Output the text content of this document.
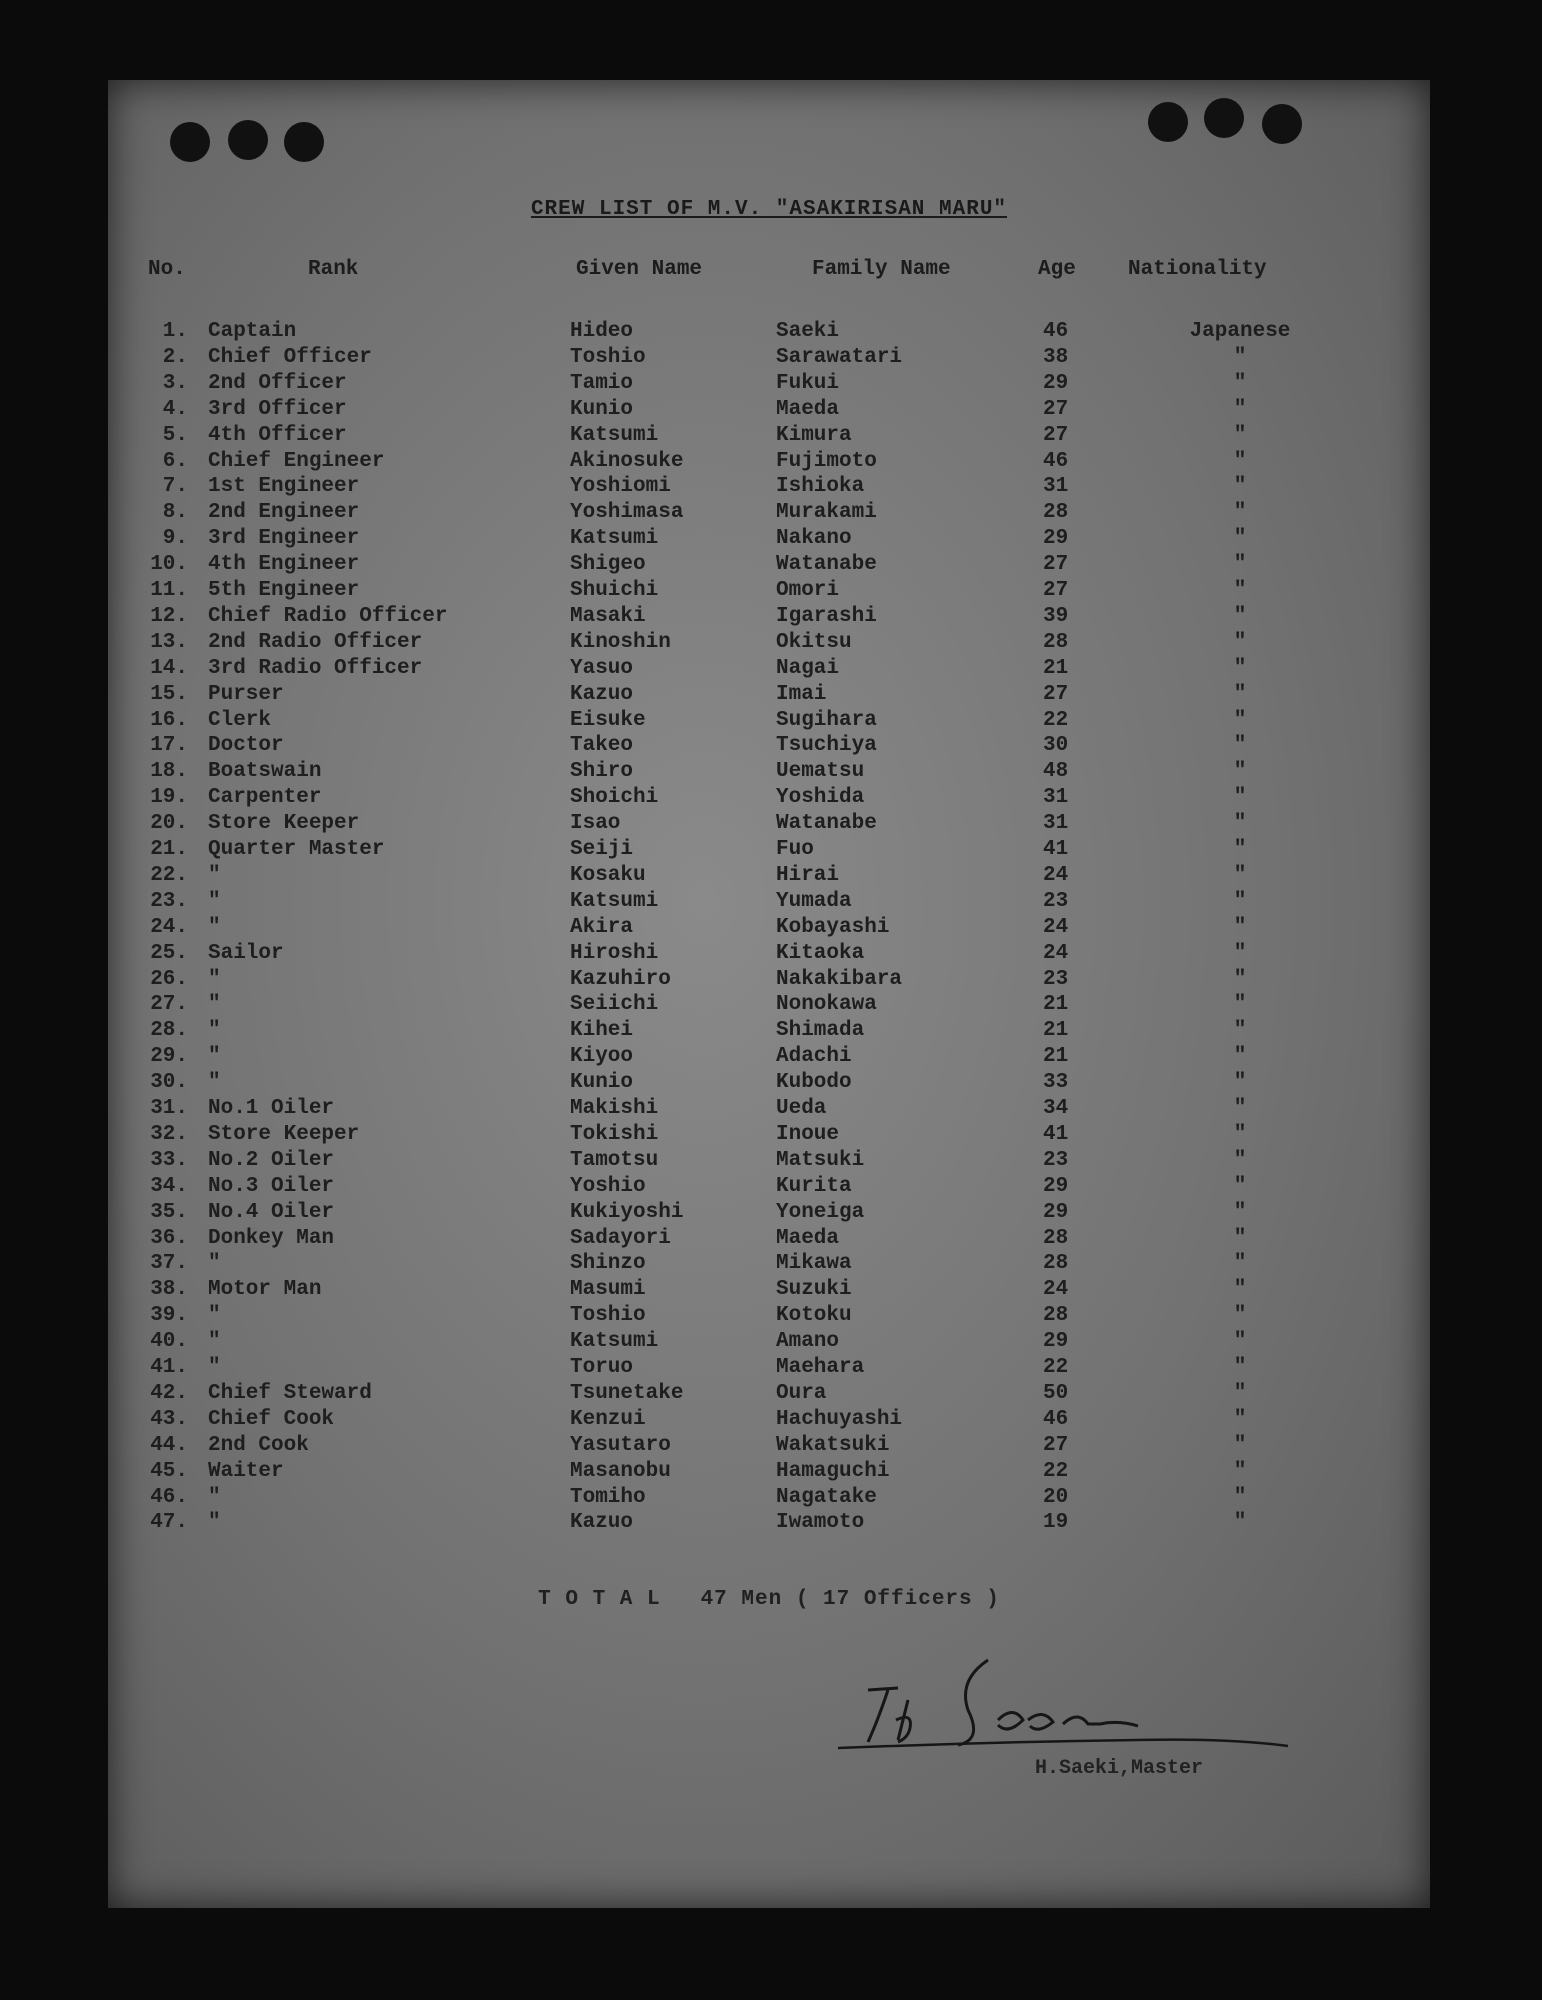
CREW LIST OF M.V. "ASAKIRISAN MARU"
No.	Rank	Given Name	Family Name	Age Nationality
1. Captain	Hideo	Saeki	46	Japanese
2. Chief Officer	Toshio	Sarawatari	38	"
3. 2nd Officer	Tamio	Fukui	29	"
4. 3rd Officer	Kunio	Maeda	27	"
5. 4th Officer	Katsumi	Kimura	27	"
6. Chief Engineer	Akinosuke	Fujimoto	46	"
7. 1st Engineer	Yoshiomi	Ishioka	31	"
8. 2nd Engineer	Yoshimasa	Murakami	28	"
9. 3rd Engineer	Katsumi	Nakano	29	"
10. 4th Engineer	Shigeo	Watanabe	27	"
11. 5th Engineer	Shuichi	Omori	27	"
12. Chief Radio Officer	Masaki	Igarashi	39	"
13. 2nd Radio Officer	Kinoshin	Okitsu	28	"
14. 3rd Radio Officer	Yasuo	Nagai	21	"
15. Purser	Kazuo	Imai	27	"
16. Clerk	Eisuke	Sugihara	22	"
17. Doctor	Takeo	Tsuchiya	30	"
18. Boatswain	Shiro	Uematsu	48	"
19. Carpenter	Shoichi	Yoshida	31	"
20. Store Keeper	Isao	Watanabe	31	"
21. Quarter Master	Seiji	Fuo	41	"
22. "	Kosaku	Hirai	24	"
23. "	Katsumi	Yumada	23	"
24. "	Akira	Kobayashi	24	"
25. Sailor	Hiroshi	Kitaoka	24	"
26. "	Kazuhiro	Nakakibara	23	"
27. "	Seiichi	Nonokawa	21	"
28. "	Kihei	Shimada	21	"
29. "	Kiyoo	Adachi	21	"
30. "	Kunio	Kubodo	33	"
31. No.1 Oiler	Makishi	Ueda	34	"
32. Store Keeper	Tokishi	Inoue	41	"
33. No.2 Oiler	Tamotsu	Matsuki	23	"
34. No.3 Oiler	Yoshio	Kurita	29	"
35. No.4 Oiler	Kukiyoshi	Yoneiga	29	"
36. Donkey Man	Sadayori	Maeda	28	"
37. "	Shinzo	Mikawa	28	"
38. Motor Man	Masumi	Suzuki	24	"
39. "	Toshio	Kotoku	28	"
40. "	Katsumi	Amano	29	"
41. "	Toruo	Maehara	22	"
42. Chief Steward	Tsunetake	Oura	50	"
43. Chief Cook	Kenzui	Hachuyashi	46	"
44. 2nd Cook	Yasutaro	Wakatsuki	27	"
45. Waiter	Masanobu	Hamaguchi	22	"
46. "	Tomiho	Nagatake	20	"
47. "	Kazuo	Iwamoto	19	"
T O T A L 47 Men ( 17 Officers )
H.Saeki,Master
